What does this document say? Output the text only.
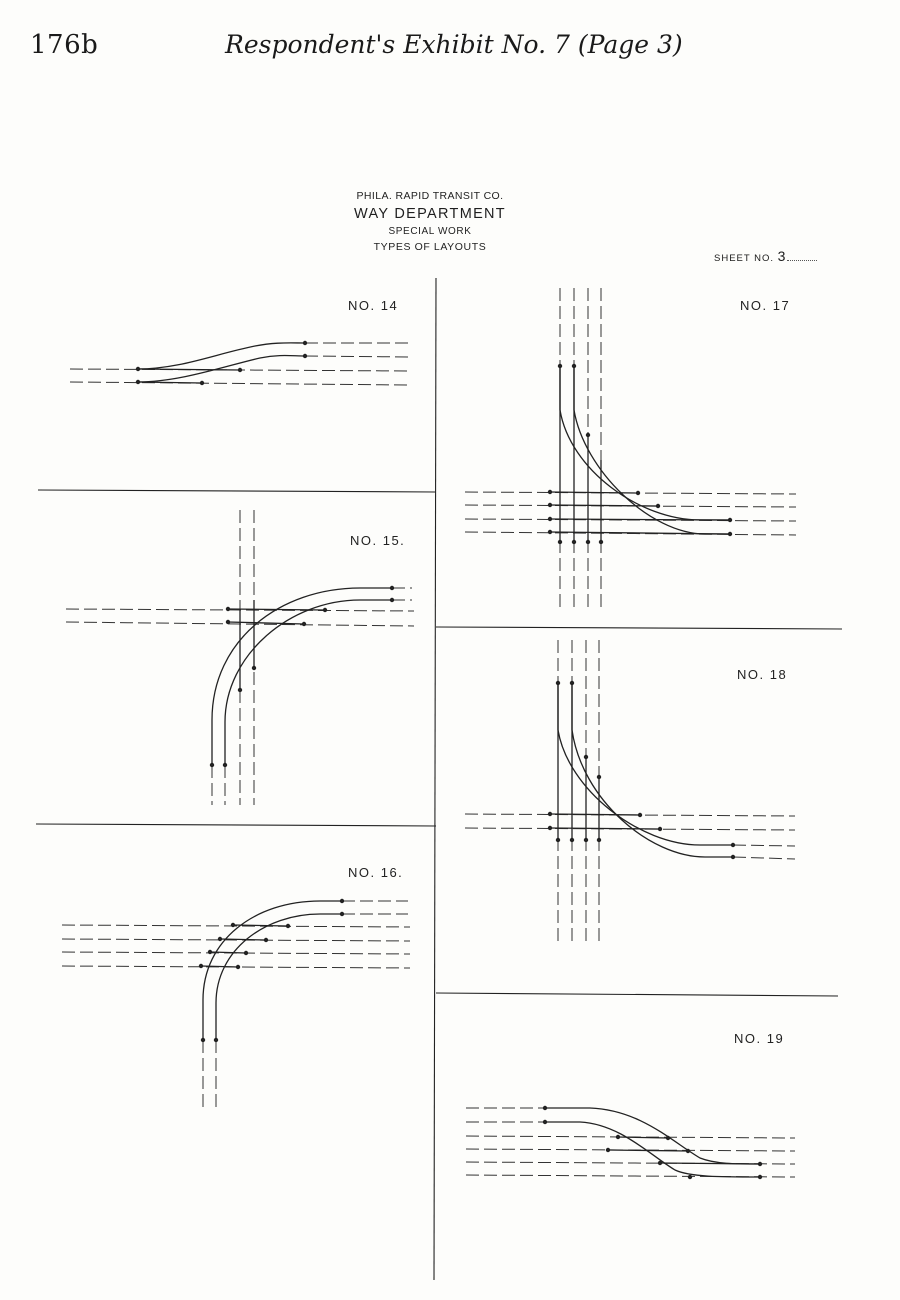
176b	Respondent's Exhibit No. 7 (Page 3)
PHILA. RAPID TRANSIT CO.
WAY DEPARTMENT
SPECIAL WORK
TYPES OF LAYOUTS
SHEET NO. 3
NO. 14
NO. 15.
NO. 16.
NO. 17
NO. 18
NO. 19
